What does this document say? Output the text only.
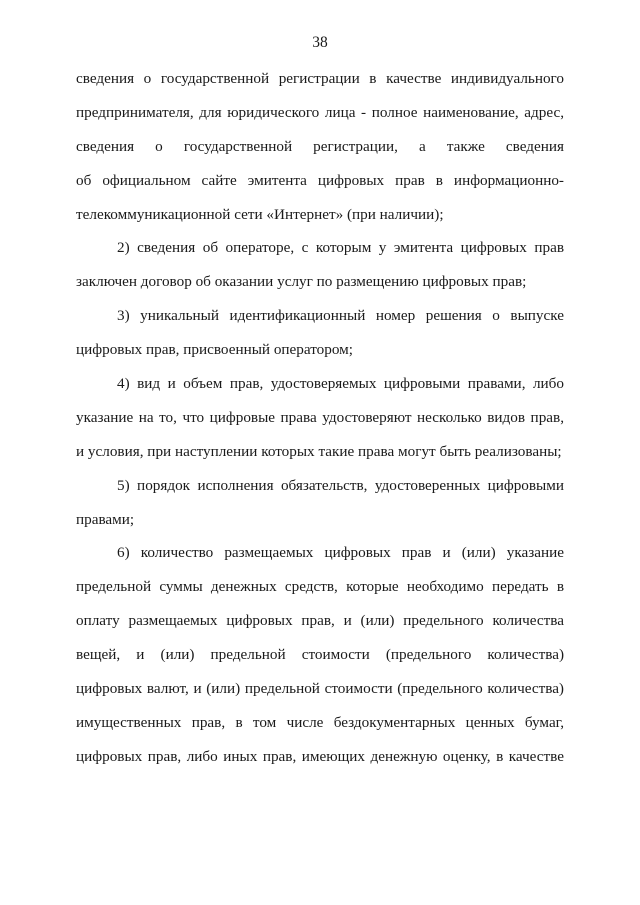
38
сведения о государственной регистрации в качестве индивидуального
предпринимателя, для юридического лица - полное наименование, адрес,
сведения о государственной регистрации, а также сведения
об официальном сайте эмитента цифровых прав в информационно-
телекоммуникационной сети «Интернет» (при наличии);
2) сведения об операторе, с которым у эмитента цифровых прав
заключен договор об оказании услуг по размещению цифровых прав;
3) уникальный идентификационный номер решения о выпуске
цифровых прав, присвоенный оператором;
4) вид и объем прав, удостоверяемых цифровыми правами, либо
указание на то, что цифровые права удостоверяют несколько видов прав,
и условия, при наступлении которых такие права могут быть реализованы;
5) порядок исполнения обязательств, удостоверенных цифровыми
правами;
6) количество размещаемых цифровых прав и (или) указание
предельной суммы денежных средств, которые необходимо передать в
оплату размещаемых цифровых прав, и (или) предельного количества
вещей, и (или) предельной стоимости (предельного количества)
цифровых валют, и (или) предельной стоимости (предельного количества)
имущественных прав, в том числе бездокументарных ценных бумаг,
цифровых прав, либо иных прав, имеющих денежную оценку, в качестве
